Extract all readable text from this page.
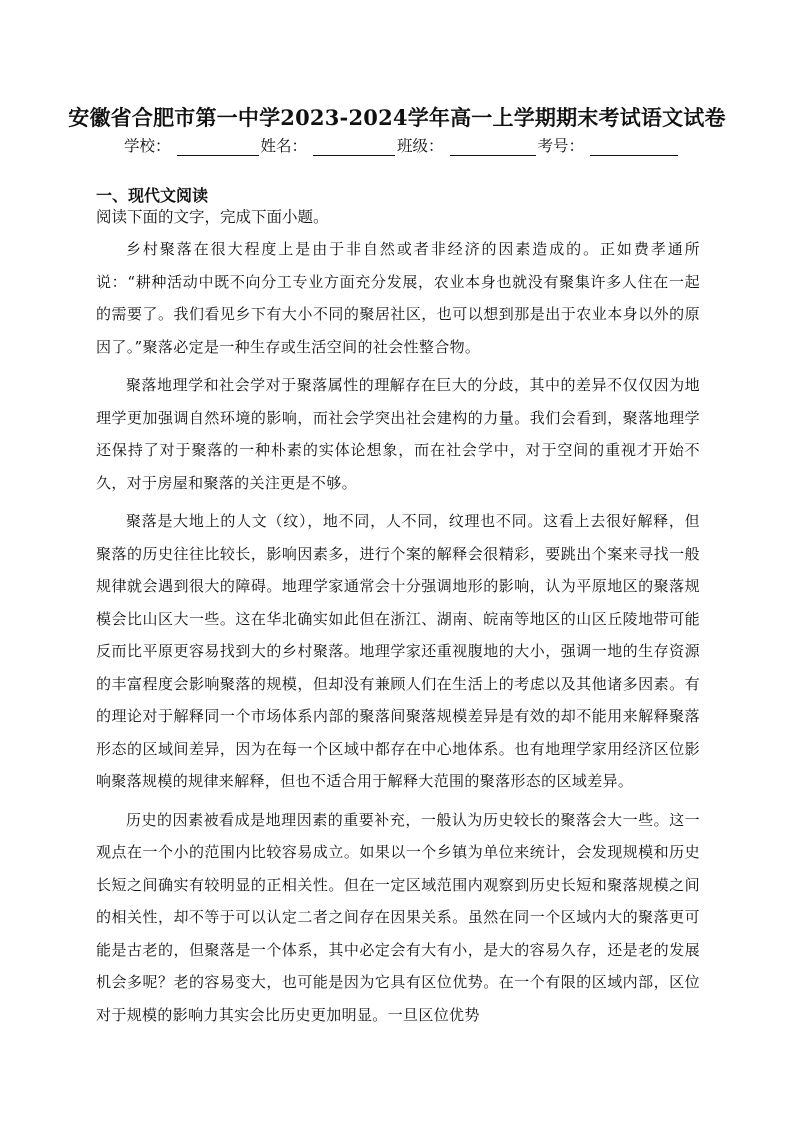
安徽省合肥市第一中学2023-2024学年高一上学期期末考试语文试卷
学校：	姓名：	班级：	考号：
一、现代文阅读
阅读下面的文字，完成下面小题。

乡村聚落在很大程度上是由于非自然或者非经济的因素造成的。正如费孝通所说：“耕种活动中既不向分工专业方面充分发展，农业本身也就没有聚集许多人住在一起的需要了。我们看见乡下有大小不同的聚居社区，也可以想到那是出于农业本身以外的原因了。”聚落必定是一种生存或生活空间的社会性整合物。

聚落地理学和社会学对于聚落属性的理解存在巨大的分歧，其中的差异不仅仅因为地理学更加强调自然环境的影响，而社会学突出社会建构的力量。我们会看到，聚落地理学还保持了对于聚落的一种朴素的实体论想象，而在社会学中，对于空间的重视才开始不久，对于房屋和聚落的关注更是不够。

聚落是大地上的人文（纹），地不同，人不同，纹理也不同。这看上去很好解释，但聚落的历史往往比较长，影响因素多，进行个案的解释会很精彩，要跳出个案来寻找一般规律就会遇到很大的障碍。地理学家通常会十分强调地形的影响，认为平原地区的聚落规模会比山区大一些。这在华北确实如此但在浙江、湖南、皖南等地区的山区丘陵地带可能反而比平原更容易找到大的乡村聚落。地理学家还重视腹地的大小，强调一地的生存资源的丰富程度会影响聚落的规模，但却没有兼顾人们在生活上的考虑以及其他诸多因素。有的理论对于解释同一个市场体系内部的聚落间聚落规模差异是有效的却不能用来解释聚落形态的区域间差异，因为在每一个区域中都存在中心地体系。也有地理学家用经济区位影响聚落规模的规律来解释，但也不适合用于解释大范围的聚落形态的区域差异。

历史的因素被看成是地理因素的重要补充，一般认为历史较长的聚落会大一些。这一观点在一个小的范围内比较容易成立。如果以一个乡镇为单位来统计，会发现规模和历史长短之间确实有较明显的正相关性。但在一定区域范围内观察到历史长短和聚落规模之间的相关性，却不等于可以认定二者之间存在因果关系。虽然在同一个区域内大的聚落更可能是古老的，但聚落是一个体系，其中必定会有大有小，是大的容易久存，还是老的发展机会多呢？老的容易变大，也可能是因为它具有区位优势。在一个有限的区域内部，区位对于规模的影响力其实会比历史更加明显。一旦区位优势
